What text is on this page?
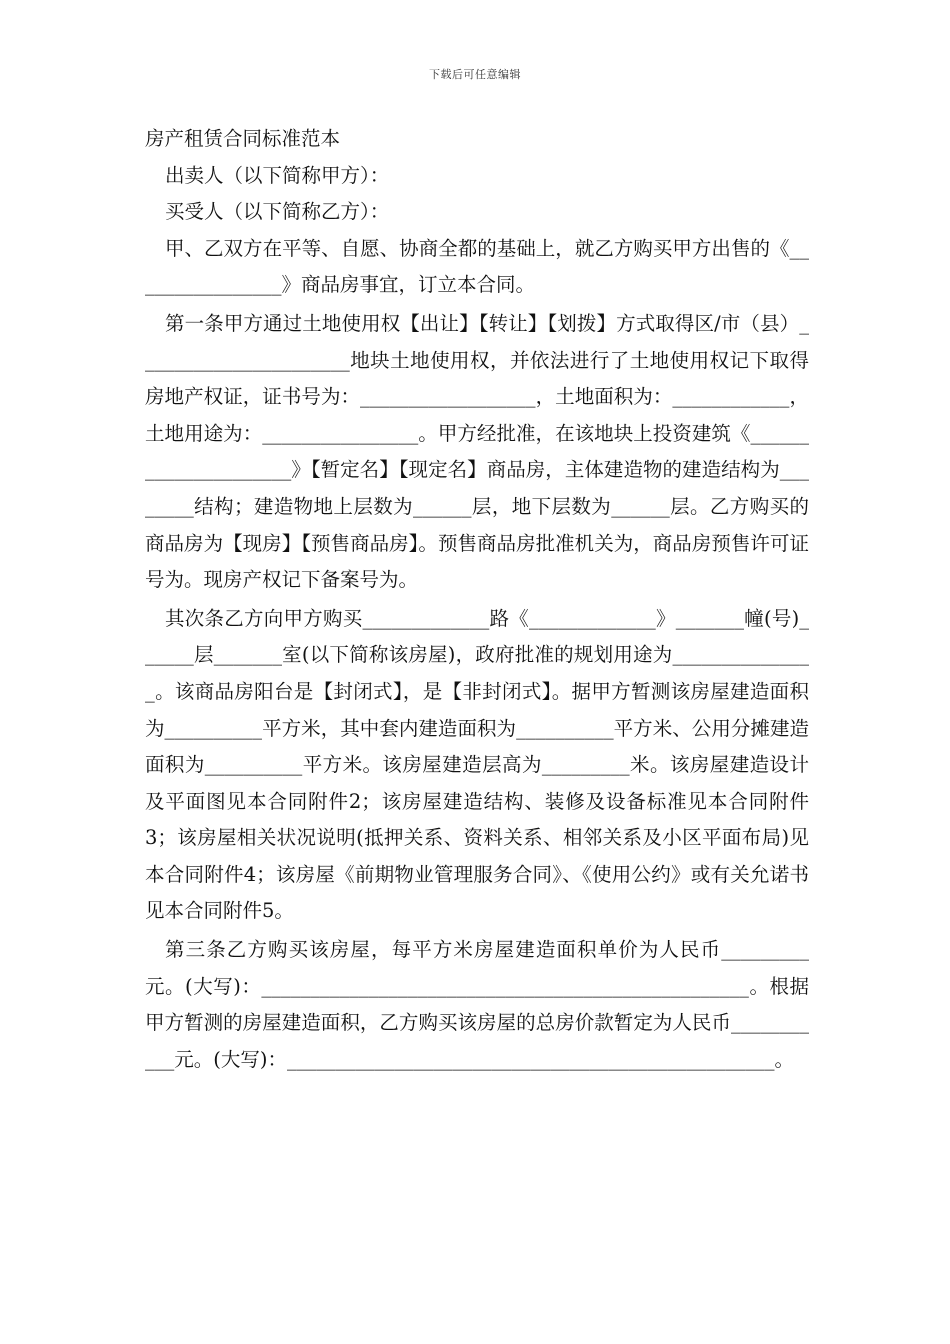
下载后可任意编辑

房产租赁合同标准范本

出卖人（以下简称甲方）：

买受人（以下简称乙方）：

甲、乙双方在平等、自愿、协商全都的基础上，就乙方购买甲方出售的《________________》商品房事宜，订立本合同。

第一条甲方通过土地使用权【出让】【转让】【划拨】方式取得区/市（县）______________________地块土地使用权，并依法进行了土地使用权记下取得房地产权证，证书号为：__________________，土地面积为：____________，土地用途为：________________。甲方经批准，在该地块上投资建筑《_____________________》【暂定名】【现定名】商品房，主体建造物的建造结构为________结构；建造物地上层数为______层，地下层数为______层。乙方购买的商品房为【现房】【预售商品房】。预售商品房批准机关为，商品房预售许可证号为。现房产权记下备案号为。

其次条乙方向甲方购买_____________路《_____________》_______幢(号)______层_______室(以下简称该房屋)，政府批准的规划用途为_______________。该商品房阳台是【封闭式】，是【非封闭式】。据甲方暂测该房屋建造面积为__________平方米，其中套内建造面积为__________平方米、公用分摊建造面积为__________平方米。该房屋建造层高为_________米。该房屋建造设计及平面图见本合同附件2；该房屋建造结构、装修及设备标准见本合同附件3；该房屋相关状况说明(抵押关系、资料关系、相邻关系及小区平面布局)见本合同附件4；该房屋《前期物业管理服务合同》、《使用公约》或有关允诺书见本合同附件5。

第三条乙方购买该房屋，每平方米房屋建造面积单价为人民币_________元。(大写)：__________________________________________________。根据甲方暂测的房屋建造面积，乙方购买该房屋的总房价款暂定为人民币___________元。(大写)：__________________________________________________。
